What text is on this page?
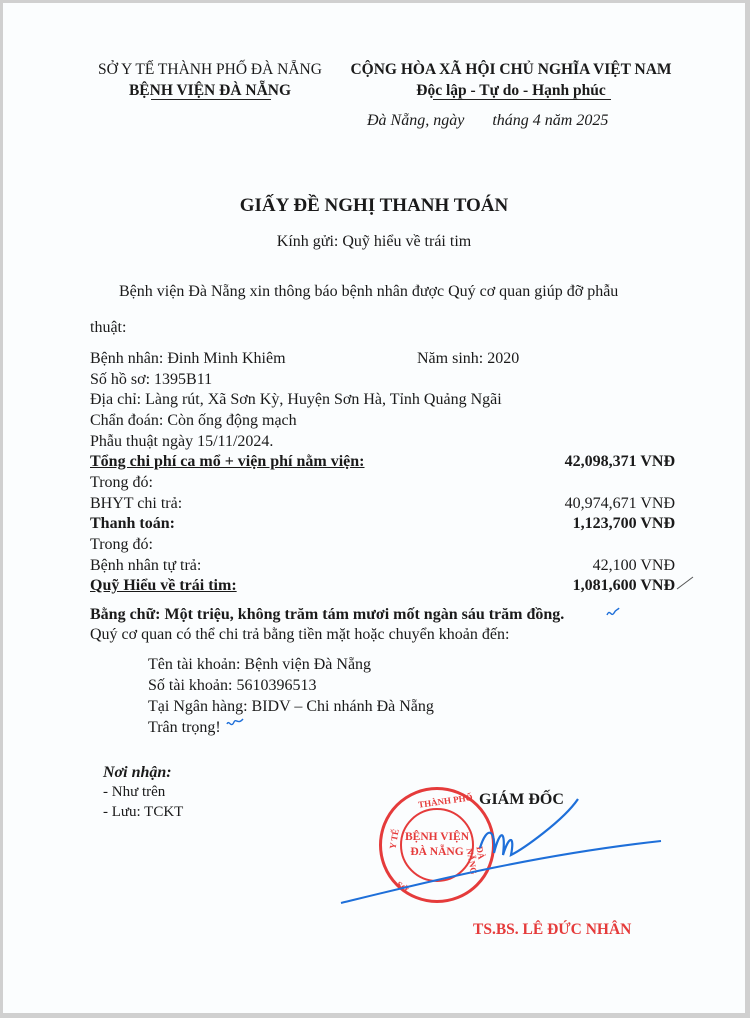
SỞ Y TẾ THÀNH PHỐ ĐÀ NẴNG
BỆNH VIỆN ĐÀ NẴNG
CỘNG HÒA XÃ HỘI CHỦ NGHĨA VIỆT NAM
Độc lập - Tự do - Hạnh phúc
Đà Nẵng, ngày       tháng 4 năm 2025
GIẤY ĐỀ NGHỊ THANH TOÁN
Kính gửi: Quỹ hiểu về trái tim
Bệnh viện Đà Nẵng xin thông báo bệnh nhân được Quý cơ quan giúp đỡ phẫu
thuật:
Bệnh nhân: Đinh Minh Khiêm	Năm sinh: 2020
Số hồ sơ: 1395B11
Địa chỉ: Làng rút, Xã Sơn Kỳ, Huyện Sơn Hà, Tỉnh Quảng Ngãi
Chẩn đoán: Còn ống động mạch
Phẫu thuật ngày 15/11/2024.
Tổng chi phí ca mổ + viện phí nằm viện:	42,098,371 VNĐ
Trong đó:
BHYT chi trả:	40,974,671 VNĐ
Thanh toán:	1,123,700 VNĐ
Trong đó:
Bệnh nhân tự trả:	42,100 VNĐ
Quỹ Hiểu về trái tim:	1,081,600 VNĐ
Bằng chữ: Một triệu, không trăm tám mươi mốt ngàn sáu trăm đồng.
Quý cơ quan có thể chi trả bằng tiền mặt hoặc chuyển khoản đến:
Tên tài khoản: Bệnh viện Đà Nẵng
Số tài khoản: 5610396513
Tại Ngân hàng: BIDV – Chi nhánh Đà Nẵng
Trân trọng!
Nơi nhận:
- Như trên
- Lưu: TCKT
GIÁM ĐỐC
THÀNH PHỐ
Y TẾ
SỞ
ĐÀ NẴNG
BỆNH VIỆN
ĐÀ NẴNG
TS.BS. LÊ ĐỨC NHÂN
